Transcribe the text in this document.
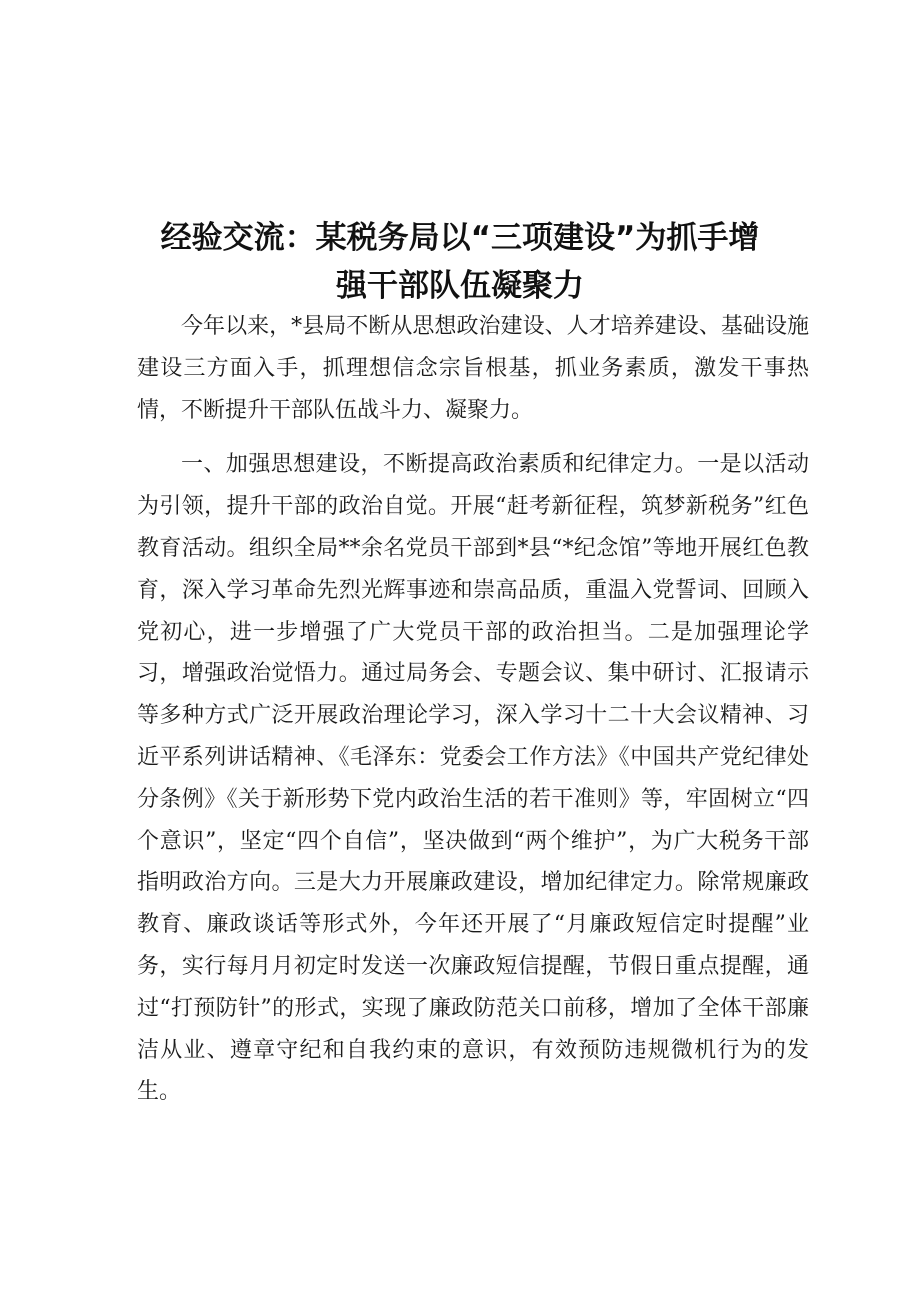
经验交流：某税务局以“三项建设”为抓手增
强干部队伍凝聚力

今年以来，*县局不断从思想政治建设、人才培养建设、基础设施建设三方面入手，抓理想信念宗旨根基，抓业务素质，激发干事热情，不断提升干部队伍战斗力、凝聚力。

一、加强思想建设，不断提高政治素质和纪律定力。一是以活动为引领，提升干部的政治自觉。开展“赶考新征程，筑梦新税务”红色教育活动。组织全局**余名党员干部到*县“*纪念馆”等地开展红色教育，深入学习革命先烈光辉事迹和崇高品质，重温入党誓词、回顾入党初心，进一步增强了广大党员干部的政治担当。二是加强理论学习，增强政治觉悟力。通过局务会、专题会议、集中研讨、汇报请示等多种方式广泛开展政治理论学习，深入学习十二十大会议精神、习近平系列讲话精神、《毛泽东：党委会工作方法》《中国共产党纪律处分条例》《关于新形势下党内政治生活的若干准则》等，牢固树立“四个意识”，坚定“四个自信”，坚决做到“两个维护”，为广大税务干部指明政治方向。三是大力开展廉政建设，增加纪律定力。除常规廉政教育、廉政谈话等形式外，今年还开展了“月廉政短信定时提醒”业务，实行每月月初定时发送一次廉政短信提醒，节假日重点提醒，通过“打预防针”的形式，实现了廉政防范关口前移，增加了全体干部廉洁从业、遵章守纪和自我约束的意识，有效预防违规微机行为的发生。
